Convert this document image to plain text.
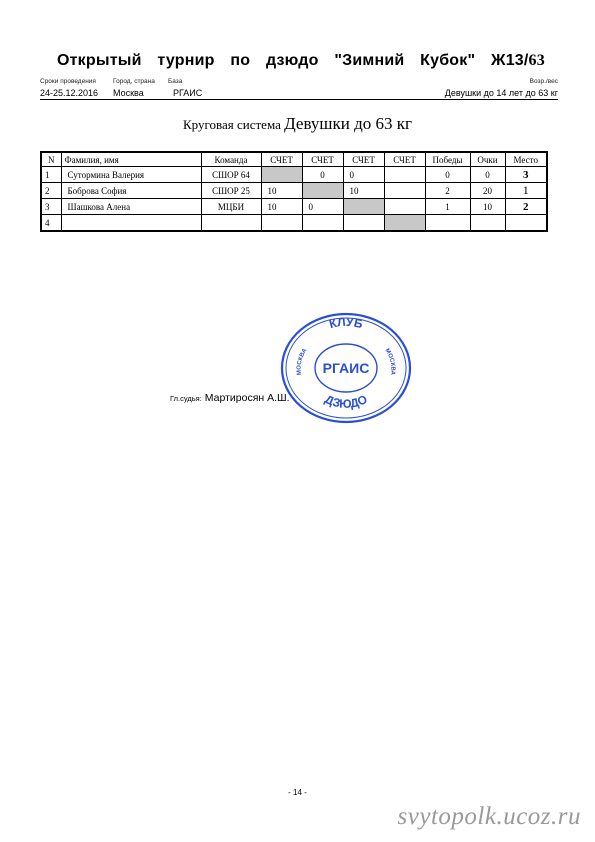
Открытый турнир по дзюдо "Зимний Кубок" Ж13/63
Сроки проведения	Город, страна База	Возр./вес
24-25.12.2016 Москва	РГАИС	Девушки до 14 лет до 63 кг
Круговая система Девушки до 63 кг
N	Фамилия, имя	Команда	СЧЕТ	СЧЕТ	СЧЕТ	СЧЕТ	Победы	Очки	Место
1	Сутормина Валерия	СШОР 64		0	0		0	0	3
2	Боброва София	СШОР 25	10		10		2	20	1
3	Шашкова Алена	МЦБИ	10	0			1	10	2
4									
Гл.судья: Мартиросян А.Ш.
КЛУБ
ДЗЮДО
МОСКВА	МОСКВА
РГАИС
- 14 -
svytopolk.ucoz.ru
